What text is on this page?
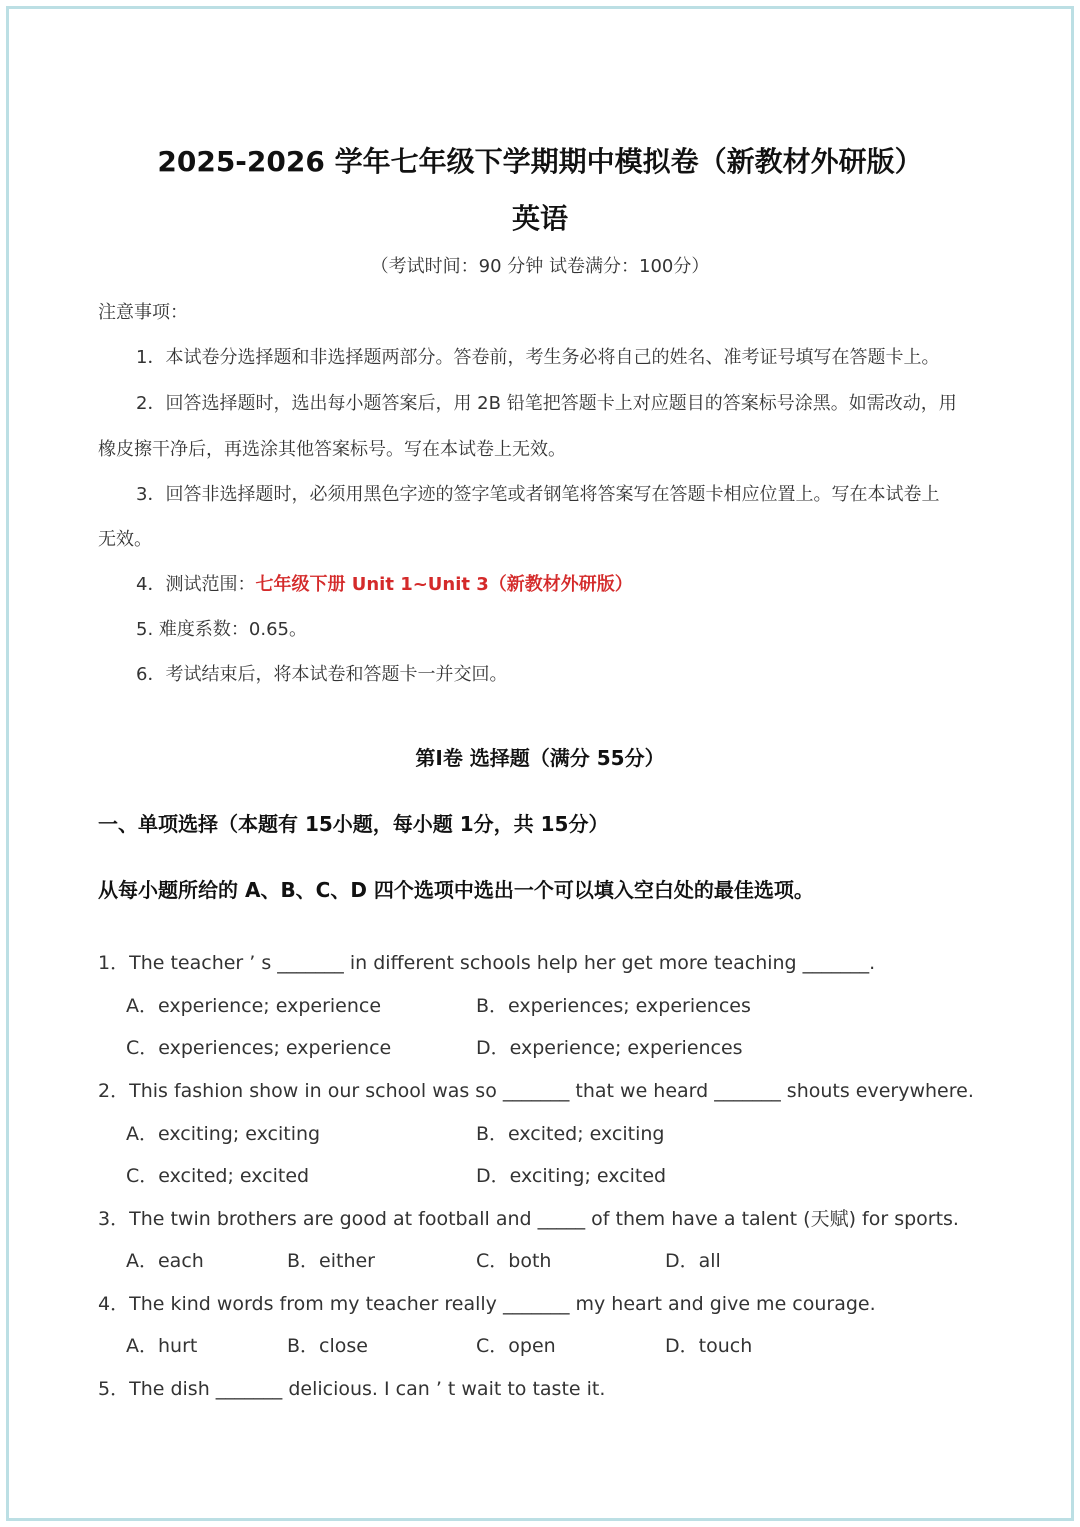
2025-2026 学年七年级下学期期中模拟卷（新教材外研版）
英语
（考试时间：90 分钟 试卷满分：100分）
注意事项：
1．本试卷分选择题和非选择题两部分。答卷前，考生务必将自己的姓名、准考证号填写在答题卡上。
2．回答选择题时，选出每小题答案后，用 2B 铅笔把答题卡上对应题目的答案标号涂黑。如需改动，用
橡皮擦干净后，再选涂其他答案标号。写在本试卷上无效。
3．回答非选择题时，必须用黑色字迹的签字笔或者钢笔将答案写在答题卡相应位置上。写在本试卷上
无效。
4．测试范围：七年级下册 Unit 1~Unit 3（新教材外研版）
5. 难度系数：0.65。
6．考试结束后，将本试卷和答题卡一并交回。
第Ⅰ卷 选择题（满分 55分）
一、单项选择（本题有 15小题，每小题 1分，共 15分）
从每小题所给的 A、B、C、D 四个选项中选出一个可以填入空白处的最佳选项。
1．The teacher ’ s _______ in different schools help her get more teaching _______.
A．experience; experience	B．experiences; experiences
C．experiences; experience	D．experience; experiences
2．This fashion show in our school was so _______ that we heard _______ shouts everywhere.
A．exciting; exciting	B．excited; exciting
C．excited; excited	D．exciting; excited
3．The twin brothers are good at football and _____ of them have a talent (天赋) for sports.
A．each	B．either	C．both	D．all
4．The kind words from my teacher really _______ my heart and give me courage.
A．hurt	B．close	C．open	D．touch
5．The dish _______ delicious. I can ’ t wait to taste it.
